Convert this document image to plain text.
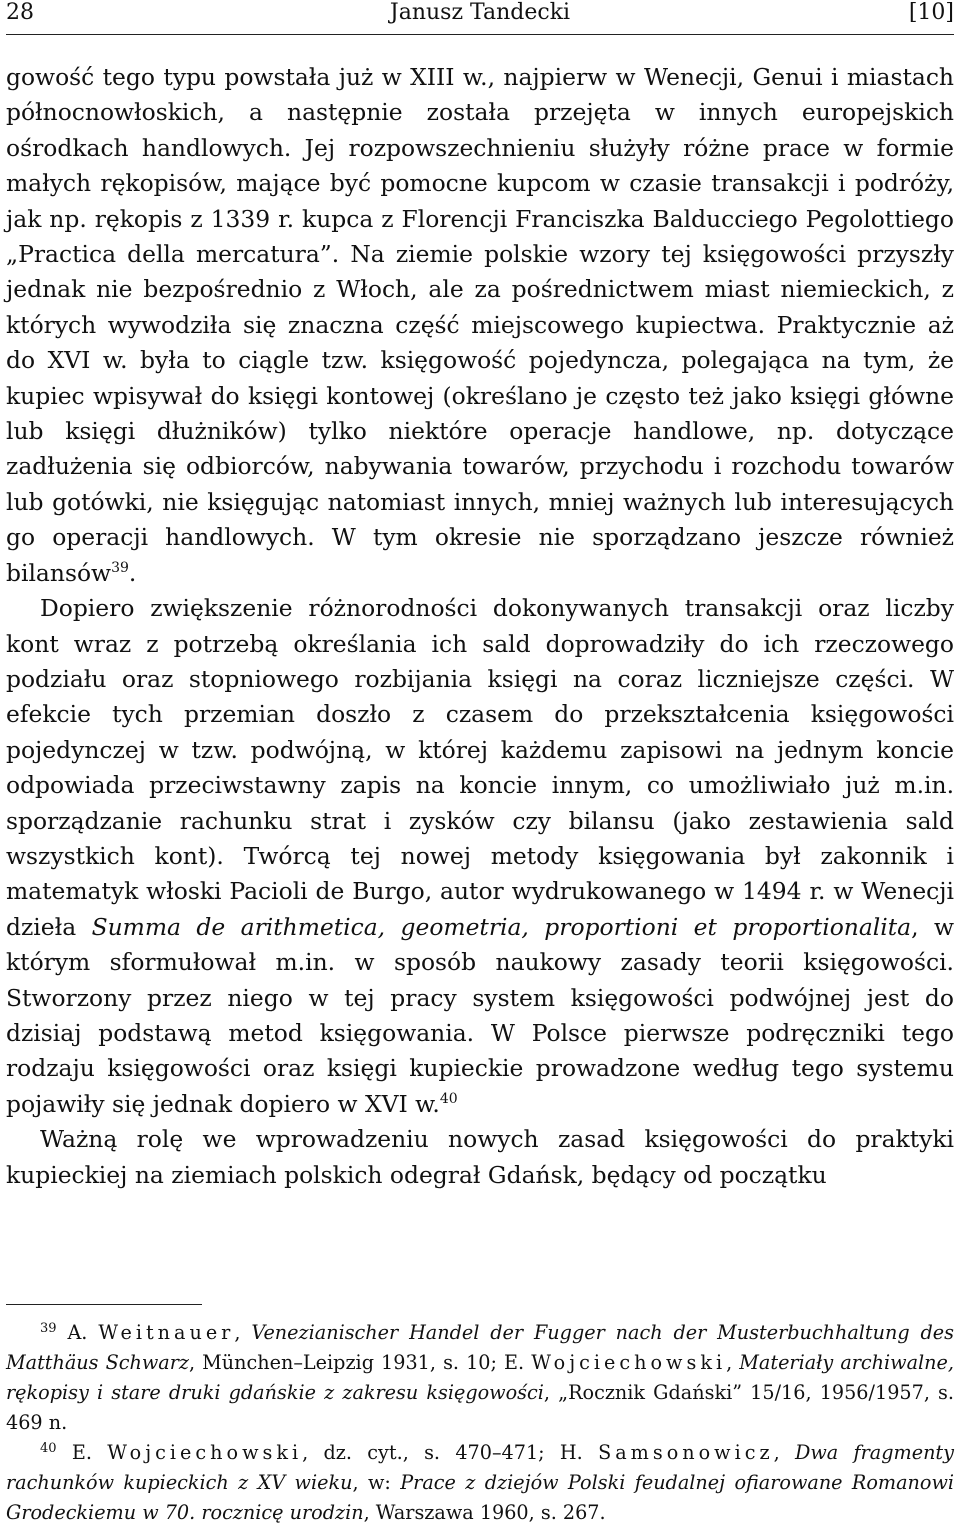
28	Janusz Tandecki	[10]

gowość tego typu powstała już w XIII w., najpierw w Wenecji, Genui i miastach północnowłoskich, a następnie została przejęta w innych europejskich ośrodkach handlowych. Jej rozpowszechnieniu służyły różne prace w formie małych rękopisów, mające być pomocne kupcom w czasie transakcji i podróży, jak np. rękopis z 1339 r. kupca z Florencji Franciszka Balducciego Pegolottiego „Practica della mercatura”. Na ziemie polskie wzory tej księgowości przyszły jednak nie bezpośrednio z Włoch, ale za pośrednictwem miast niemieckich, z których wywodziła się znaczna część miejscowego kupiectwa. Praktycznie aż do XVI w. była to ciągle tzw. księgowość pojedyncza, polegająca na tym, że kupiec wpisywał do księgi kontowej (określano je często też jako księgi główne lub księgi dłużników) tylko niektóre operacje handlowe, np. dotyczące zadłużenia się odbiorców, nabywania towarów, przychodu i rozchodu towarów lub gotówki, nie księgując natomiast innych, mniej ważnych lub interesujących go operacji handlowych. W tym okresie nie sporządzano jeszcze również bilansów$^{39}$.

Dopiero zwiększenie różnorodności dokonywanych transakcji oraz liczby kont wraz z potrzebą określania ich sald doprowadziły do ich rzeczowego podziału oraz stopniowego rozbijania księgi na coraz liczniejsze części. W efekcie tych przemian doszło z czasem do przekształcenia księgowości pojedynczej w tzw. podwójną, w której każdemu zapisowi na jednym koncie odpowiada przeciwstawny zapis na koncie innym, co umożliwiało już m.in. sporządzanie rachunku strat i zysków czy bilansu (jako zestawienia sald wszystkich kont). Twórcą tej nowej metody księgowania był zakonnik i matematyk włoski Pacioli de Burgo, autor wydrukowanego w 1494 r. w Wenecji dzieła Summa de arithmetica, geometria, proportioni et proportionalita, w którym sformułował m.in. w sposób naukowy zasady teorii księgowości. Stworzony przez niego w tej pracy system księgowości podwójnej jest do dzisiaj podstawą metod księgowania. W Polsce pierwsze podręczniki tego rodzaju księgowości oraz księgi kupieckie prowadzone według tego systemu pojawiły się jednak dopiero w XVI w.$^{40}$

Ważną rolę we wprowadzeniu nowych zasad księgowości do praktyki kupieckiej na ziemiach polskich odegrał Gdańsk, będący od początku

$^{39}$ A. Weitnauer, Venezianischer Handel der Fugger nach der Musterbuchhaltung des Matthäus Schwarz, München–Leipzig 1931, s. 10; E. Wojciechowski, Materiały archiwalne, rękopisy i stare druki gdańskie z zakresu księgowości, „Rocznik Gdański” 15/16, 1956/1957, s. 469 n.

$^{40}$ E. Wojciechowski, dz. cyt., s. 470–471; H. Samsonowicz, Dwa fragmenty rachunków kupieckich z XV wieku, w: Prace z dziejów Polski feudalnej ofiarowane Romanowi Grodeckiemu w 70. rocznicę urodzin, Warszawa 1960, s. 267.
